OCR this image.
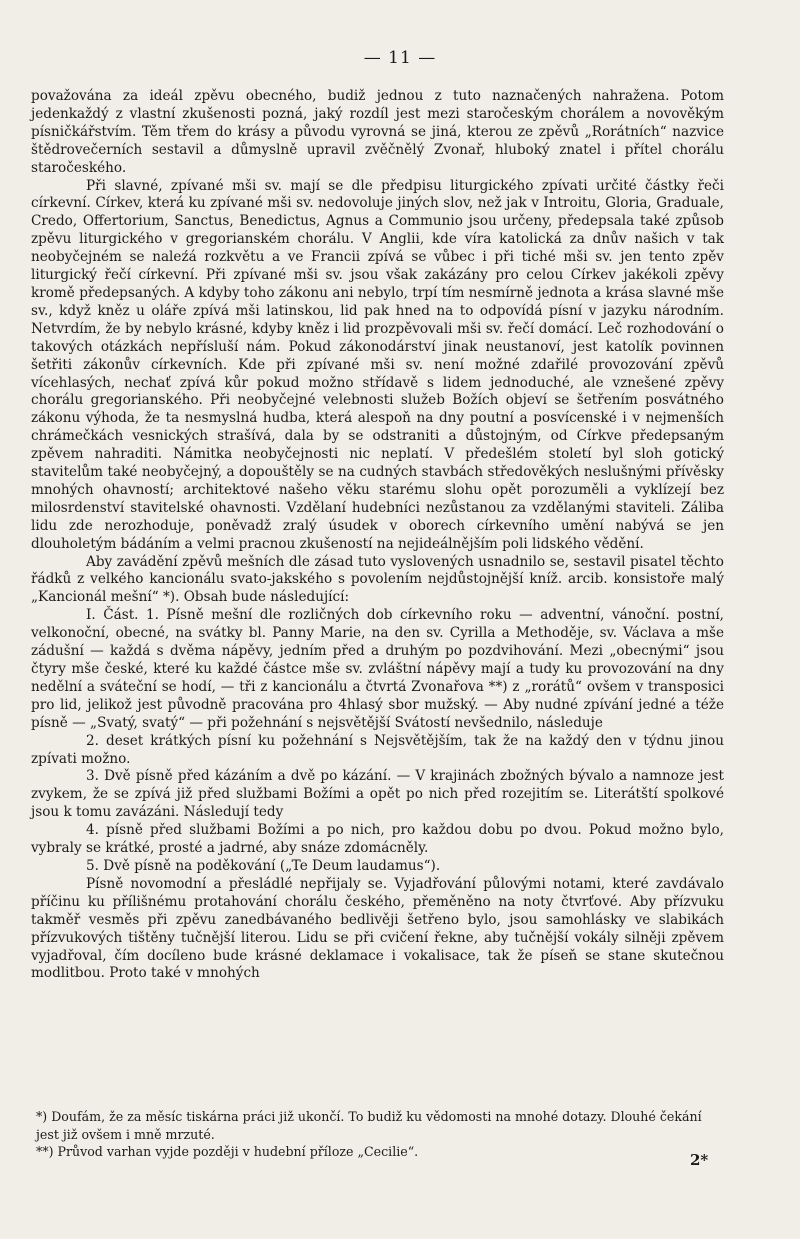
— 11 —

považována za ideál zpěvu obecného, budiž jednou z tuto naznačených nahražena. Potom jedenkaždý z vlastní zkušenosti pozná, jaký rozdíl jest mezi staročeským chorálem a novověkým písničkářstvím. Těm třem do krásy a původu vyrovná se jiná, kterou ze zpěvů „Rorátních“ nazvice štědrovečerních sestavil a důmyslně upravil zvěčnělý Zvonař, hluboký znatel i přítel chorálu staročeského.

Při slavné, zpívané mši sv. mají se dle předpisu liturgického zpívati určité částky řeči církevní. Církev, která ku zpívané mši sv. nedovoluje jiných slov, než jak v Introitu, Gloria, Graduale, Credo, Offertorium, Sanctus, Benedictus, Agnus a Communio jsou určeny, předepsala také způsob zpěvu liturgického v gregorianském chorálu. V Anglii, kde víra katolická za dnův našich v tak neobyčejném se naleźá rozkvětu a ve Francii zpívá se vůbec i při tiché mši sv. jen tento zpěv liturgický řečí církevní. Při zpívané mši sv. jsou však zakázány pro celou Církev jakékoli zpěvy kromě předepsaných. A kdyby toho zákonu ani nebylo, trpí tím nesmírně jednota a krása slavné mše sv., když kněz u oláře zpívá mši latinskou, lid pak hned na to odpovídá písní v jazyku národním. Netvrdím, že by nebylo krásné, kdyby kněz i lid prozpěvovali mši sv. řečí domácí. Leč rozhodování o takových otázkách nepřísluší nám. Pokud zákonodárství jinak neustanoví, jest katolík povinnen šetřiti zákonův církevních. Kde při zpívané mši sv. není možné zdařilé provozování zpěvů vícehlasých, nechať zpívá kůr pokud možno střídavě s lidem jednoduché, ale vznešené zpěvy chorálu gregorianského. Při neobyčejné velebnosti služeb Božích objeví se šetřením posvátného zákonu výhoda, že ta nesmyslná hudba, která alespoň na dny poutní a posvícenské i v nejmenších chrámečkách vesnických strašívá, dala by se odstraniti a důstojným, od Církve předepsaným zpěvem nahraditi. Námitka neobyčejnosti nic neplatí. V předešlém století byl sloh gotický stavitelům také neobyčejný, a dopouštěly se na cudných stavbách středověkých neslušnými přívěsky mnohých ohavností; architektové našeho věku starému slohu opět porozuměli a vyklízejí bez milosrdenství stavitelské ohavnosti. Vzdělaní hudebníci nezůstanou za vzdělanými staviteli. Záliba lidu zde nerozhoduje, poněvadž zralý úsudek v oborech církevního umění nabývá se jen dlouholetým bádáním a velmi pracnou zkušeností na nejideálnějším poli lidského vědění.

Aby zavádění zpěvů mešních dle zásad tuto vyslovených usnadnilo se, sestavil pisatel těchto řádků z velkého kancionálu svato-jakského s povolením nejdůstojnější kníž. arcib. konsistoře malý „Kancionál mešní“ *). Obsah bude následující:

I. Část. 1. Písně mešní dle rozličných dob církevního roku — adventní, vánoční. postní, velkonoční, obecné, na svátky bl. Panny Marie, na den sv. Cyrilla a Methoděje, sv. Václava a mše zádušní — každá s dvěma nápěvy, jedním před a druhým po pozdvihování. Mezi „obecnými“ jsou čtyry mše české, které ku každé částce mše sv. zvláštní nápěvy mají a tudy ku provozování na dny nedělní a sváteční se hodí, — tři z kancionálu a čtvrtá Zvonařova **) z „rorátů“ ovšem v transposici pro lid, jelikož jest původně pracována pro 4hlasý sbor mužský. — Aby nudné zpívání jedné a téže písně — „Svatý, svatý“ — při požehnání s nejsvětější Svátostí nevšednilo, následuje

2. deset krátkých písní ku požehnání s Nejsvětějším, tak že na každý den v týdnu jinou zpívati možno.

3. Dvě písně před kázáním a dvě po kázání. — V krajinách zbožných bývalo a namnoze jest zvykem, že se zpívá již před službami Božími a opět po nich před rozejitím se. Literátští spolkové jsou k tomu zavázáni. Následují tedy

4. písně před službami Božími a po nich, pro každou dobu po dvou. Pokud možno bylo, vybraly se krátké, prosté a jadrné, aby snáze zdomácněly.

5. Dvě písně na poděkování („Te Deum laudamus“).

Písně novomodní a přesládlé nepřijaly se. Vyjadřování půlovými notami, které zavdávalo příčinu ku přílišnému protahování chorálu českého, přeměněno na noty čtvrťové. Aby přízvuku takměř vesměs při zpěvu zanedbávaného bedlivěji šetřeno bylo, jsou samohlásky ve slabikách přízvukových tištěny tučnější literou. Lidu se při cvičení řekne, aby tučnější vokály silněji zpěvem vyjadřoval, čím docíleno bude krásné deklamace i vokalisace, tak že píseň se stane skutečnou modlitbou. Proto také v mnohých

*) Doufám, že za měsíc tiskárna práci již ukončí. To budiž ku vědomosti na mnohé dotazy. Dlouhé čekání jest již ovšem i mně mrzuté.

**) Průvod varhan vyjde později v hudební příloze „Cecilie“.	2*
